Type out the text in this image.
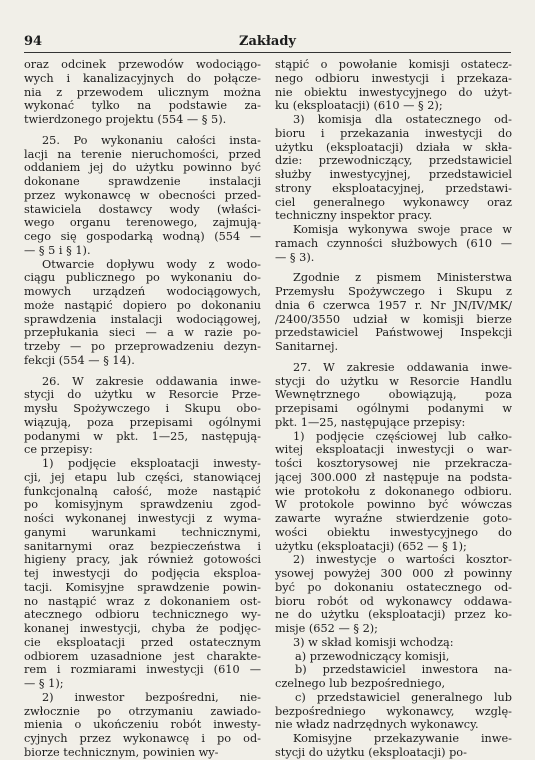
94	Zakłady

oraz odcinek przewodów wodociągo-

wych i kanalizacyjnych do połącze-

nia z przewodem ulicznym można

wykonać tylko na podstawie za-

twierdzonego projektu (554 — § 5).

25. Po wykonaniu całości insta-

lacji na terenie nieruchomości, przed

oddaniem jej do użytku powinno być

dokonane sprawdzenie instalacji

przez wykonawcę w obecności przed-

stawiciela dostawcy wody (właści-

wego organu terenowego, zajmują-

cego się gospodarką wodną) (554 —

— § 5 i § 1).

Otwarcie dopływu wody z wodo-

ciągu publicznego po wykonaniu do-

mowych urządzeń wodociągowych,

może nastąpić dopiero po dokonaniu

sprawdzenia instalacji wodociągowej,

przepłukania sieci — a w razie po-

trzeby — po przeprowadzeniu dezyn-

fekcji (554 — § 14).

26. W zakresie oddawania inwe-

stycji do użytku w Resorcie Prze-

mysłu Spożywczego i Skupu obo-

wiązują, poza przepisami ogólnymi

podanymi w pkt. 1—25, następują-

ce przepisy:

1) podjęcie eksploatacji inwesty-

cji, jej etapu lub części, stanowiącej

funkcjonalną całość, może nastąpić

po komisyjnym sprawdzeniu zgod-

ności wykonanej inwestycji z wyma-

ganymi warunkami technicznymi,

sanitarnymi oraz bezpieczeństwa i

higieny pracy, jak również gotowości

tej inwestycji do podjęcia eksploa-

tacji. Komisyjne sprawdzenie powin-

no nastąpić wraz z dokonaniem ost-

atecznego odbioru technicznego wy-

konanej inwestycji, chyba że podjęc-

cie eksploatacji przed ostatecznym

odbiorem uzasadnione jest charakte-

rem i rozmiarami inwestycji (610 —

— § 1);

2) inwestor bezpośredni, nie-

zwłocznie po otrzymaniu zawiado-

mienia o ukończeniu robót inwesty-

cyjnych przez wykonawcę i po od-

biorze technicznym, powinien wy-

stąpić o powołanie komisji ostatecz-

nego odbioru inwestycji i przekaza-

nie obiektu inwestycyjnego do użyt-

ku (eksploatacji) (610 — § 2);

3) komisja dla ostatecznego od-

bioru i przekazania inwestycji do

użytku (eksploatacji) działa w skła-

dzie: przewodniczący, przedstawiciel

służby inwestycyjnej, przedstawiciel

strony eksploatacyjnej, przedstawi-

ciel generalnego wykonawcy oraz

techniczny inspektor pracy.

Komisja wykonywa swoje prace w

ramach czynności służbowych (610 —

— § 3).

Zgodnie z pismem Ministerstwa

Przemysłu Spożywczego i Skupu z

dnia 6 czerwca 1957 r. Nr JN/IV/MK/

/2400/3550 udział w komisji bierze

przedstawiciel Państwowej Inspekcji

Sanitarnej.

27. W zakresie oddawania inwe-

stycji do użytku w Resorcie Handlu

Wewnętrznego obowiązują, poza

przepisami ogólnymi podanymi w

pkt. 1—25, następujące przepisy:

1) podjęcie częściowej lub całko-

witej eksploatacji inwestycji o war-

tości kosztorysowej nie przekracza-

jącej 300.000 zł następuje na podsta-

wie protokołu z dokonanego odbioru.

W protokole powinno być wówczas

zawarte wyraźne stwierdzenie goto-

wości obiektu inwestycyjnego do

użytku (eksploatacji) (652 — § 1);

2) inwestycje o wartości kosztor-

ysowej powyżej 300 000 zł powinny

być po dokonaniu ostatecznego od-

bioru robót od wykonawcy oddawa-

ne do użytku (eksploatacji) przez ko-

misje (652 — § 2);

3) w skład komisji wchodzą:

a) przewodniczący komisji,

b) przedstawiciel inwestora na-

czelnego lub bezpośredniego,

c) przedstawiciel generalnego lub

bezpośredniego wykonawcy, wzglę-

nie władz nadrzędnych wykonawcy.

Komisyjne przekazywanie inwe-

stycji do użytku (eksploatacji) po-
